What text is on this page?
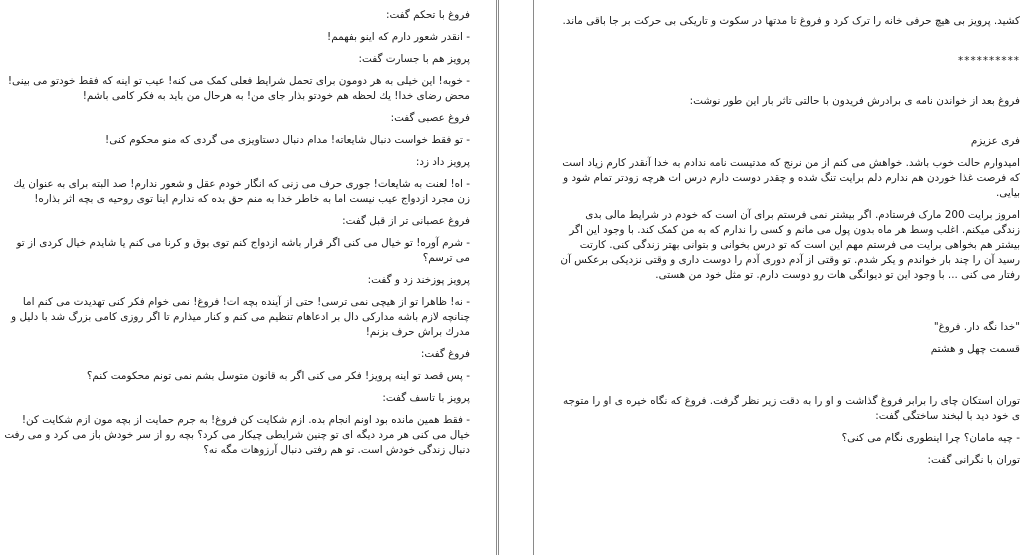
کشید. پرویز بی هیچ حرفی خانه را ترک کرد و فروغ تا مدتها در سکوت و تاریکی بی حرکت بر جا باقی ماند.

**********

فروغ بعد از خواندن نامه ی برادرش فریدون با حالتی تاثر بار این طور نوشت:

فری عزیزم

امیدوارم حالت خوب باشد. خواهش می کنم از من نرنج که مدتیست نامه ندادم به خدا آنقدر کارم زیاد است که فرصت غذا خوردن هم ندارم دلم برایت تنگ شده و چقدر دوست دارم درس ات هرچه زودتر تمام شود و بیایی.

امروز برایت 200 مارک فرستادم. اگر بیشتر نمی فرستم برای آن است که خودم در شرایط مالی بدی زندگی میکنم. اغلب وسط هر ماه بدون پول می مانم و کسی را ندارم که به من کمک کند. با وجود این اگر بیشتر هم بخواهی برایت می فرستم مهم این است که تو درس بخوانی و بتوانی بهتر زندگی کنی. کارتت رسید آن را چند بار خواندم و یکر شدم. تو وقتی از آدم دوری آدم را دوست داری و وقتی نزدیکی برعکس آن رفتار می کنی ... با وجود این تو دیوانگی هات رو دوست دارم. تو مثل خود من هستی.

"خدا نگه دار. فروغ"

قسمت چهل و هشتم

توران استکان چای را برابر فروغ گذاشت و او را به دقت زیر نظر گرفت. فروغ که نگاه خیره ی او را متوجه ی خود دید با لبخند ساختگی گفت:

- چیه مامان؟ چرا اینطوری نگام می کنی؟

توران با نگرانی گفت:

فروغ با تحکم گفت:

- انقدر شعور دارم که اینو بفهمم!

پرویز هم با جسارت گفت:

- خوبه! این خیلی به هر دومون برای تحمل شرایط فعلی کمک می کنه! عیب تو اینه که فقط خودتو می بینی! محض رضای خدا! یك لحظه هم خودتو بذار جای من! به هرحال من باید به فکر کامی باشم!

فروغ عصبی گفت:

- تو فقط خواست دنبال شایعاته! مدام دنبال دستاویزی می گردی که منو محکوم کنی!

پرویز داد زد:

- اه! لعنت به شایعات! جوری حرف می زنی که انگار خودم عقل و شعور ندارم! صد البته برای به عنوان یك زن مجرد ازدواج عیب نیست اما به خاطر خدا به منم حق بده که ندارم اینا توی روحیه ی بچه اثر بذاره!

فروغ عصبانی تر از قبل گفت:

- شرم آوره! تو خیال می کنی اگر قرار باشه ازدواج کنم توی بوق و کرنا می کنم یا شایدم خیال کردی از تو می ترسم؟

پرویز پوزخند زد و گفت:

- نه! ظاهرا تو از هیچی نمی ترسی! حتی از آینده بچه ات! فروغ! نمی خوام فکر کنی تهدیدت می کنم اما چنانچه لازم باشه مدارکی دال بر ادعاهام تنظیم می کنم و کنار میذارم تا اگر روزی کامی بزرگ شد با دلیل و مدرك براش حرف بزنم!

فروغ گفت:

- پس قصد تو اینه پرویز! فکر می کنی اگر به قانون متوسل بشم نمی تونم محکومت کنم؟

پرویز با تاسف گفت:

- فقط همین مانده بود اونم انجام بده. ازم شکایت کن فروغ! به جرم حمایت از بچه مون ازم شکایت کن! خیال می کنی هر مرد دیگه ای تو چنین شرایطی چیکار می کرد؟ بچه رو از سر خودش باز می کرد و می رفت دنبال زندگی خودش است. تو هم رفتی دنبال آرزوهات مگه نه؟
